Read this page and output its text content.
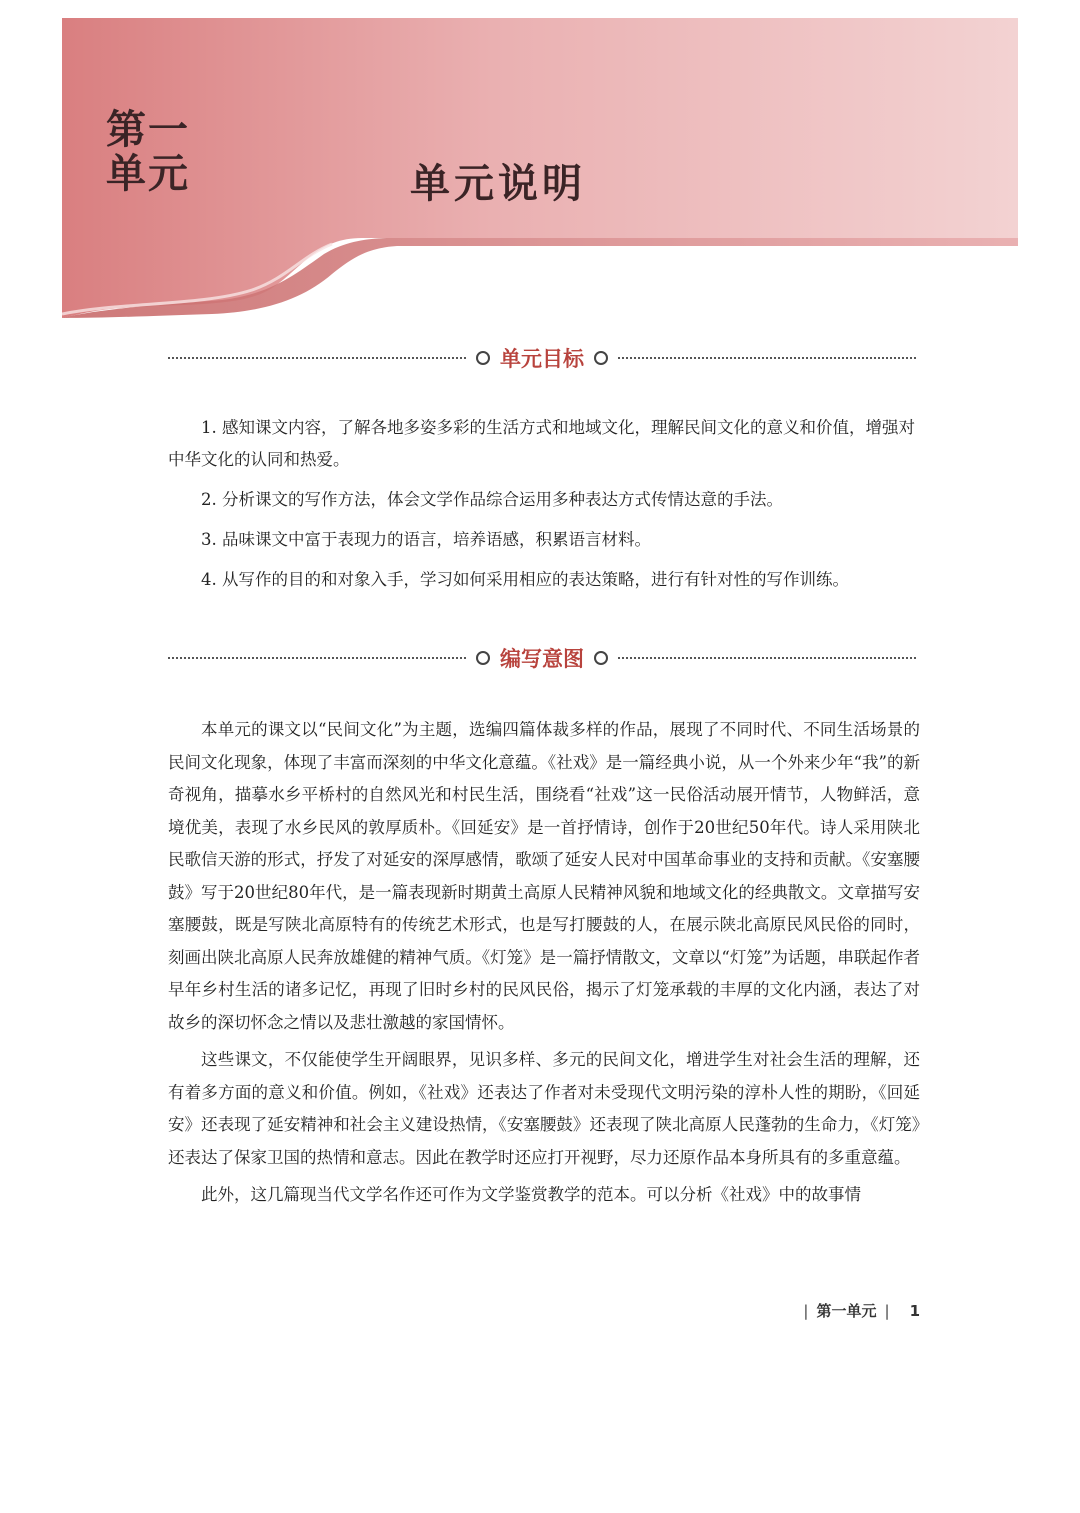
第一
单元	单元说明
单元目标
1. 感知课文内容，了解各地多姿多彩的生活方式和地域文化，理解民间文化的意义和价值，增强对中华文化的认同和热爱。
2. 分析课文的写作方法，体会文学作品综合运用多种表达方式传情达意的手法。
3. 品味课文中富于表现力的语言，培养语感，积累语言材料。
4. 从写作的目的和对象入手，学习如何采用相应的表达策略，进行有针对性的写作训练。
编写意图

本单元的课文以“民间文化”为主题，选编四篇体裁多样的作品，展现了不同时代、不同生活场景的民间文化现象，体现了丰富而深刻的中华文化意蕴。《社戏》是一篇经典小说，从一个外来少年“我”的新奇视角，描摹水乡平桥村的自然风光和村民生活，围绕看“社戏”这一民俗活动展开情节，人物鲜活，意境优美，表现了水乡民风的敦厚质朴。《回延安》是一首抒情诗，创作于20世纪50年代。诗人采用陕北民歌信天游的形式，抒发了对延安的深厚感情，歌颂了延安人民对中国革命事业的支持和贡献。《安塞腰鼓》写于20世纪80年代，是一篇表现新时期黄土高原人民精神风貌和地域文化的经典散文。文章描写安塞腰鼓，既是写陕北高原特有的传统艺术形式，也是写打腰鼓的人，在展示陕北高原民风民俗的同时，刻画出陕北高原人民奔放雄健的精神气质。《灯笼》是一篇抒情散文，文章以“灯笼”为话题，串联起作者早年乡村生活的诸多记忆，再现了旧时乡村的民风民俗，揭示了灯笼承载的丰厚的文化内涵，表达了对故乡的深切怀念之情以及悲壮激越的家国情怀。

这些课文，不仅能使学生开阔眼界，见识多样、多元的民间文化，增进学生对社会生活的理解，还有着多方面的意义和价值。例如，《社戏》还表达了作者对未受现代文明污染的淳朴人性的期盼，《回延安》还表现了延安精神和社会主义建设热情，《安塞腰鼓》还表现了陕北高原人民蓬勃的生命力，《灯笼》还表达了保家卫国的热情和意志。因此在教学时还应打开视野，尽力还原作品本身所具有的多重意蕴。

此外，这几篇现当代文学名作还可作为文学鉴赏教学的范本。可以分析《社戏》中的故事情

| 第一单元 | 1
